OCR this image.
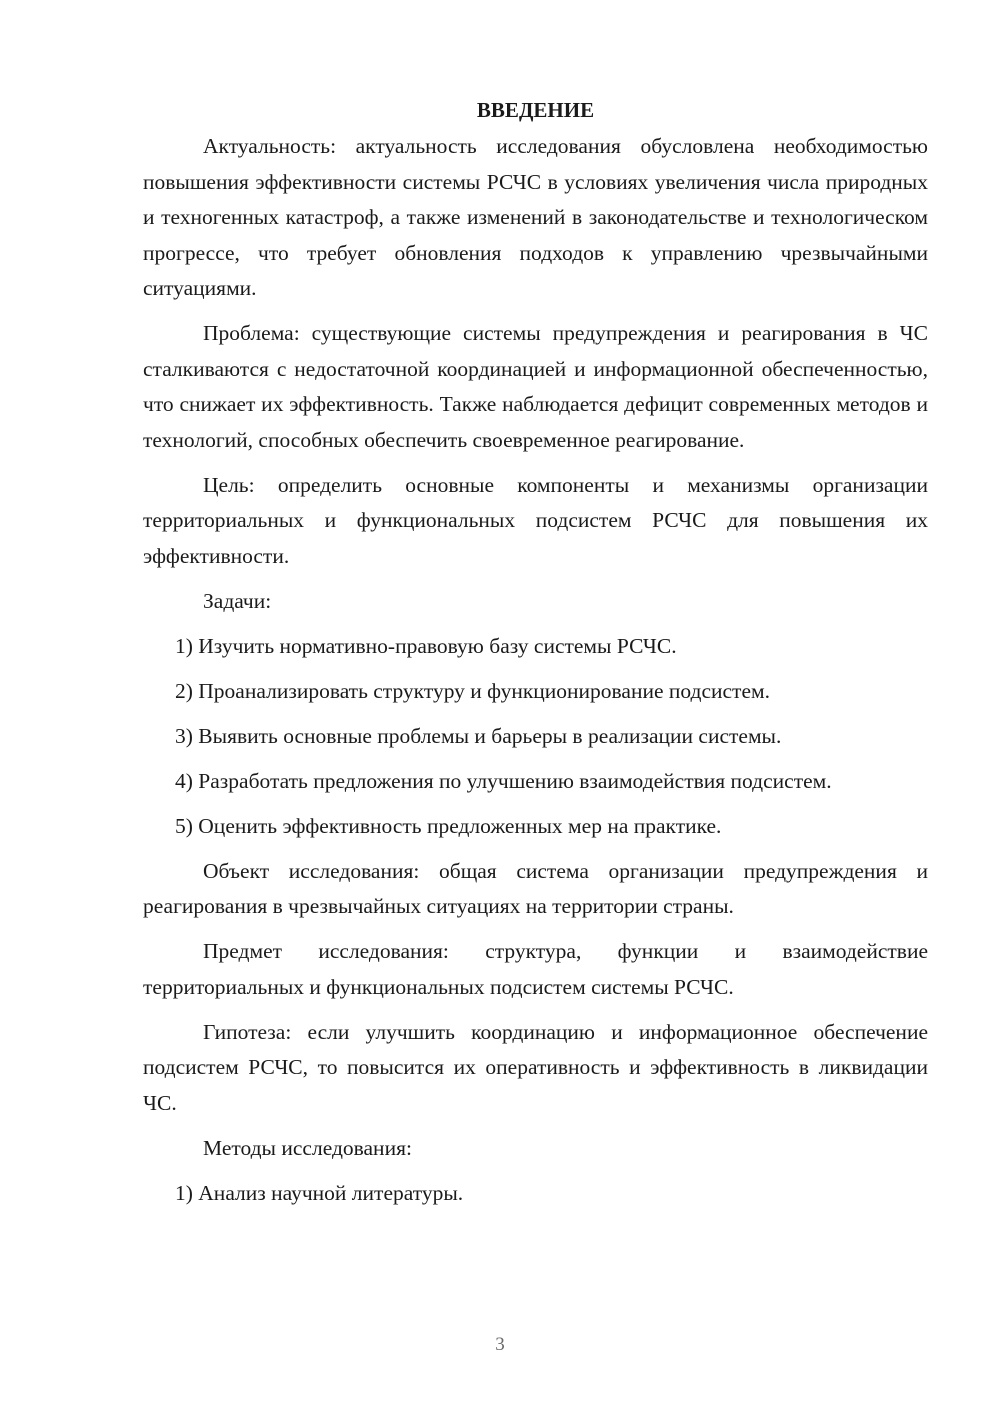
ВВЕДЕНИЕ

Актуальность: актуальность исследования обусловлена необходимостью повышения эффективности системы РСЧС в условиях увеличения числа природных и техногенных катастроф, а также изменений в законодательстве и технологическом прогрессе, что требует обновления подходов к управлению чрезвычайными ситуациями.

Проблема: существующие системы предупреждения и реагирования в ЧС сталкиваются с недостаточной координацией и информационной обеспеченностью, что снижает их эффективность. Также наблюдается дефицит современных методов и технологий, способных обеспечить своевременное реагирование.

Цель: определить основные компоненты и механизмы организации территориальных и функциональных подсистем РСЧС для повышения их эффективности.

Задачи:

1) Изучить нормативно-правовую базу системы РСЧС.

2) Проанализировать структуру и функционирование подсистем.

3) Выявить основные проблемы и барьеры в реализации системы.

4) Разработать предложения по улучшению взаимодействия подсистем.

5) Оценить эффективность предложенных мер на практике.

Объект исследования: общая система организации предупреждения и реагирования в чрезвычайных ситуациях на территории страны.

Предмет исследования: структура, функции и взаимодействие территориальных и функциональных подсистем системы РСЧС.

Гипотеза: если улучшить координацию и информационное обеспечение подсистем РСЧС, то повысится их оперативность и эффективность в ликвидации ЧС.

Методы исследования:

1) Анализ научной литературы.

3
